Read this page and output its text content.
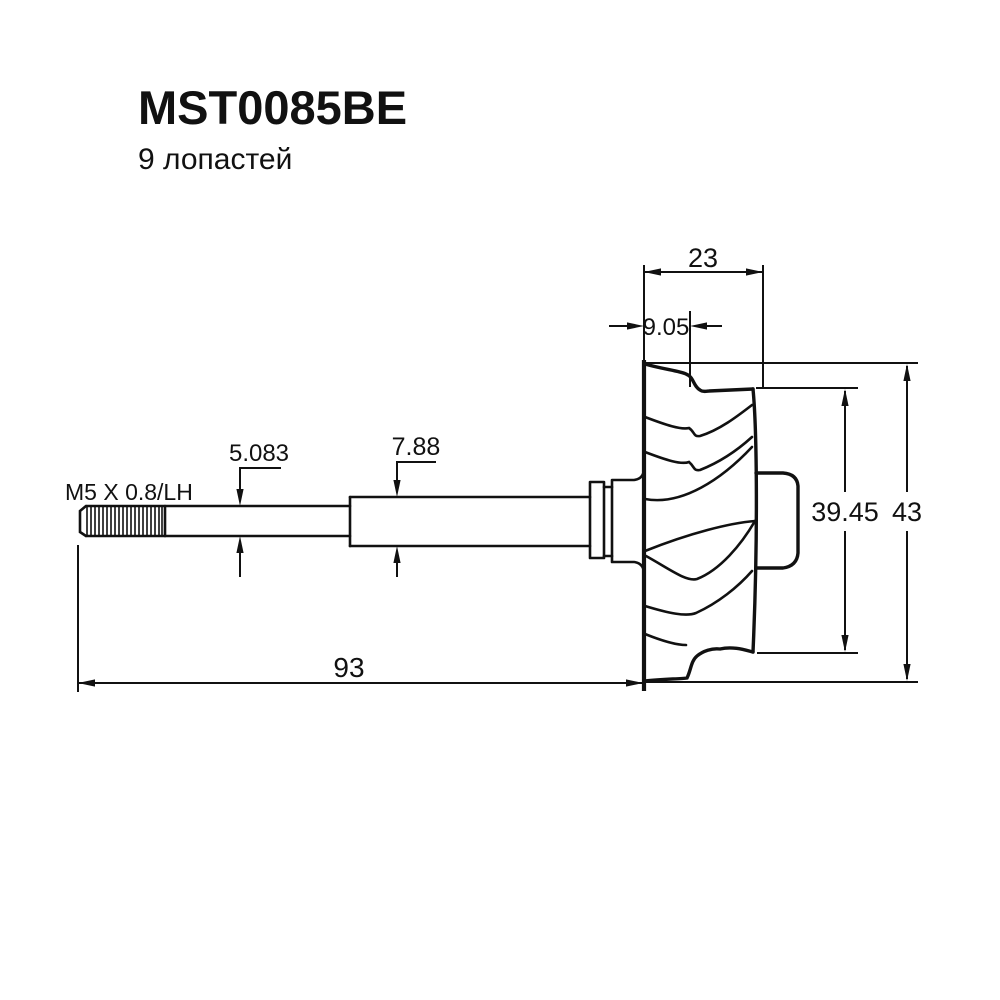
MST0085BE
9 лопастей
23
9.05
5.083	7.88
M5 X 0.8/LH
39.45 43
93
